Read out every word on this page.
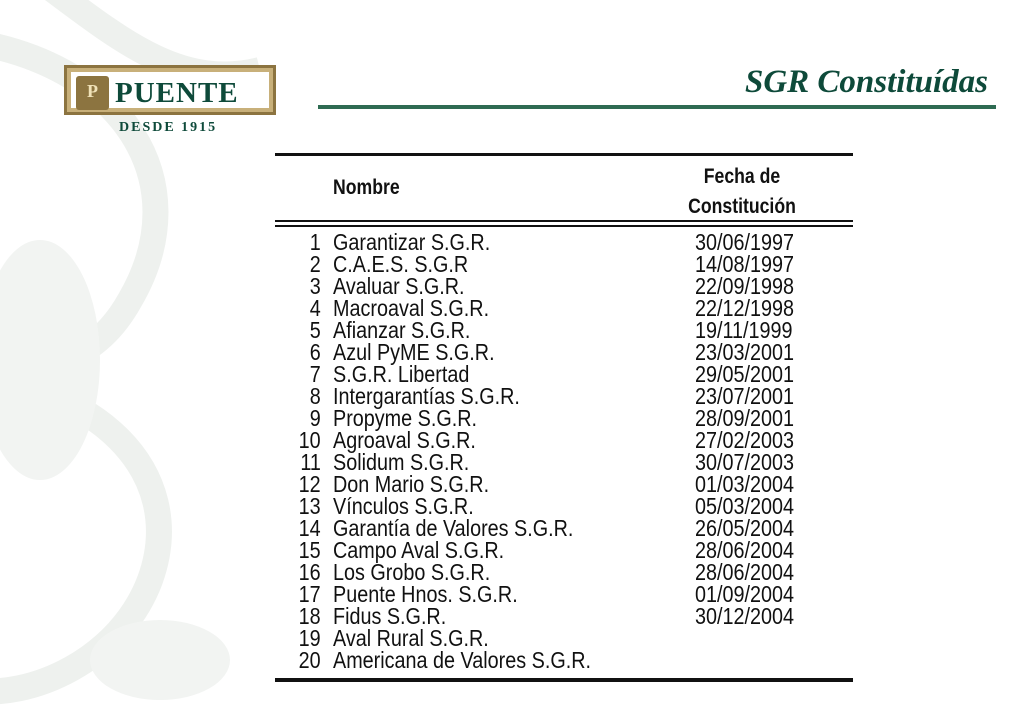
P PUENTE
DESDE 1915
SGR Constituídas
Nombre	Fecha de
Constitución
1 Garantizar S.G.R.	30/06/1997
2 C.A.E.S. S.G.R	14/08/1997
3 Avaluar S.G.R.	22/09/1998
4 Macroaval S.G.R.	22/12/1998
5 Afianzar S.G.R.	19/11/1999
6 Azul PyME S.G.R.	23/03/2001
7 S.G.R. Libertad	29/05/2001
8 Intergarantías S.G.R.	23/07/2001
9 Propyme S.G.R.	28/09/2001
10 Agroaval S.G.R.	27/02/2003
11 Solidum S.G.R.	30/07/2003
12 Don Mario S.G.R.	01/03/2004
13 Vínculos S.G.R.	05/03/2004
14 Garantía de Valores S.G.R.	26/05/2004
15 Campo Aval S.G.R.	28/06/2004
16 Los Grobo S.G.R.	28/06/2004
17 Puente Hnos. S.G.R.	01/09/2004
18 Fidus S.G.R.	30/12/2004
19 Aval Rural S.G.R.
20 Americana de Valores S.G.R.
